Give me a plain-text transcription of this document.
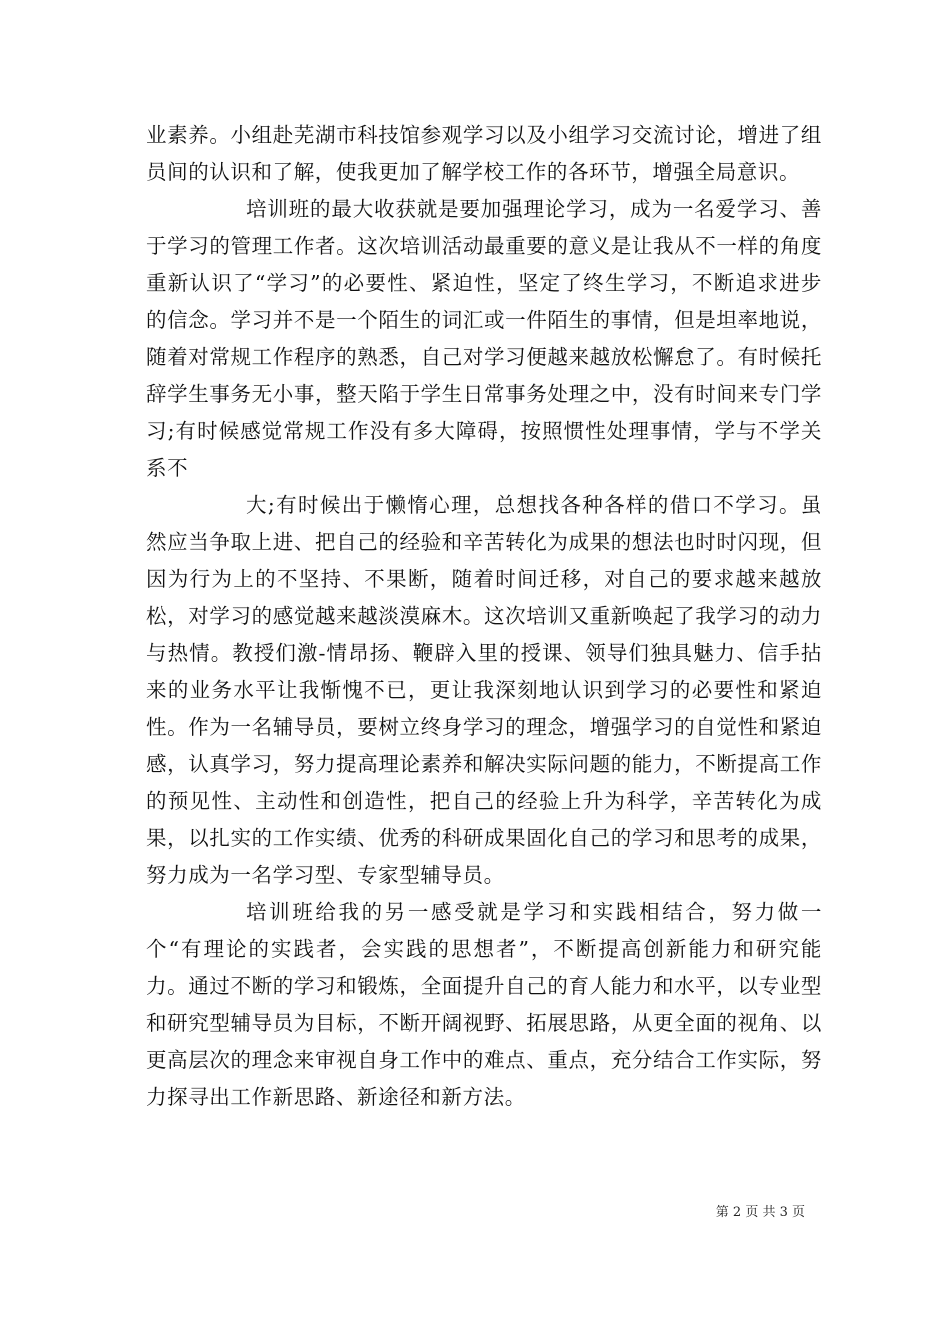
业素养。小组赴芜湖市科技馆参观学习以及小组学习交流讨论，增进了组员间的认识和了解，使我更加了解学校工作的各环节，增强全局意识。

培训班的最大收获就是要加强理论学习，成为一名爱学习、善于学习的管理工作者。这次培训活动最重要的意义是让我从不一样的角度重新认识了“学习”的必要性、紧迫性，坚定了终生学习，不断追求进步的信念。学习并不是一个陌生的词汇或一件陌生的事情，但是坦率地说，随着对常规工作程序的熟悉，自己对学习便越来越放松懈怠了。有时候托辞学生事务无小事，整天陷于学生日常事务处理之中，没有时间来专门学习;有时候感觉常规工作没有多大障碍，按照惯性处理事情，学与不学关系不

大;有时候出于懒惰心理，总想找各种各样的借口不学习。虽然应当争取上进、把自己的经验和辛苦转化为成果的想法也时时闪现，但因为行为上的不坚持、不果断，随着时间迁移，对自己的要求越来越放松，对学习的感觉越来越淡漠麻木。这次培训又重新唤起了我学习的动力与热情。教授们激-情昂扬、鞭辟入里的授课、领导们独具魅力、信手拈来的业务水平让我惭愧不已，更让我深刻地认识到学习的必要性和紧迫性。作为一名辅导员，要树立终身学习的理念，增强学习的自觉性和紧迫感，认真学习，努力提高理论素养和解决实际问题的能力，不断提高工作的预见性、主动性和创造性，把自己的经验上升为科学，辛苦转化为成果，以扎实的工作实绩、优秀的科研成果固化自己的学习和思考的成果，努力成为一名学习型、专家型辅导员。

培训班给我的另一感受就是学习和实践相结合，努力做一个“有理论的实践者，会实践的思想者”，不断提高创新能力和研究能力。通过不断的学习和锻炼，全面提升自己的育人能力和水平，以专业型和研究型辅导员为目标，不断开阔视野、拓展思路，从更全面的视角、以更高层次的理念来审视自身工作中的难点、重点，充分结合工作实际，努力探寻出工作新思路、新途径和新方法。

第 2 页 共 3 页
